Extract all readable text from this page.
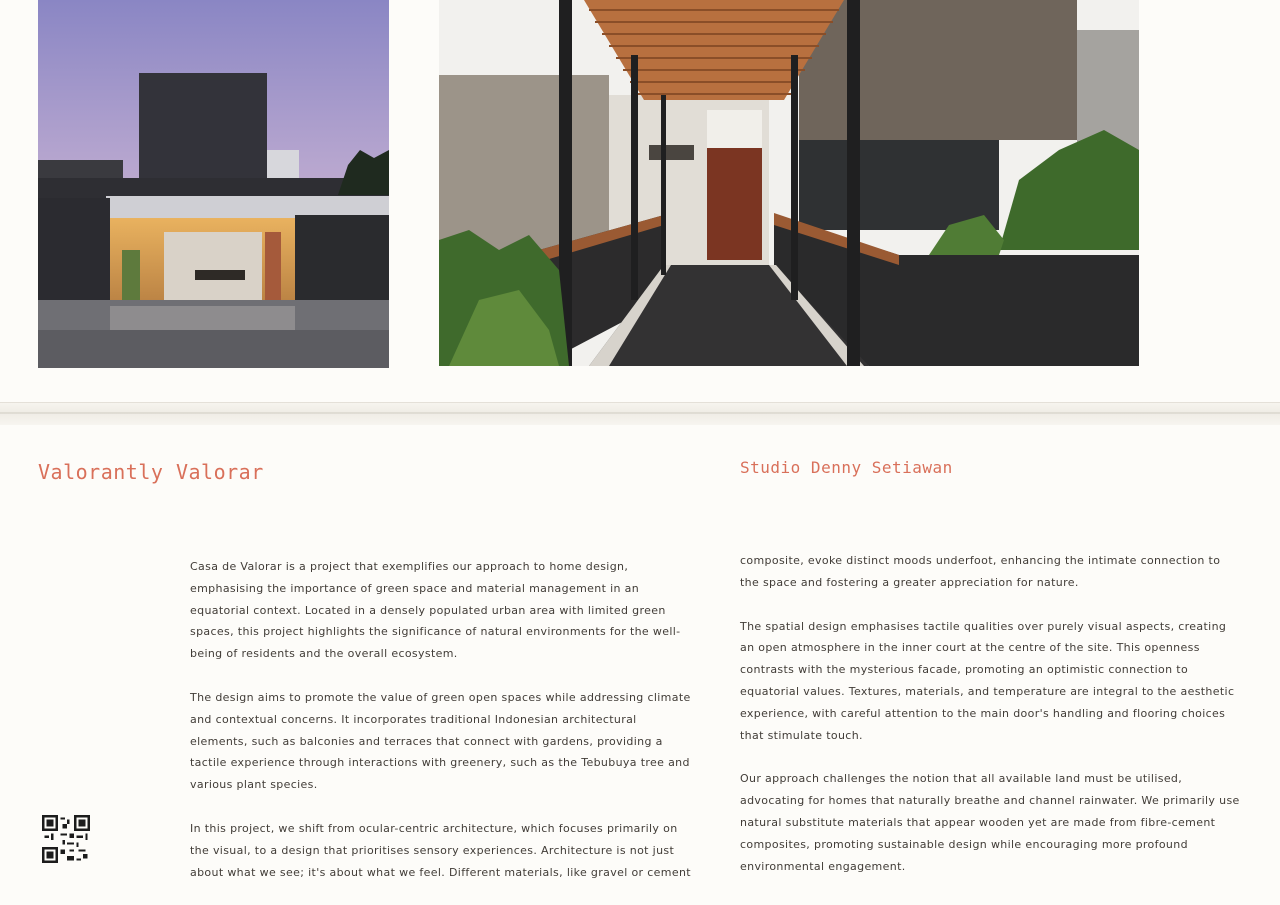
Valorantly Valorar	Studio Denny Setiawan

Casa de Valorar is a project that exemplifies our approach to home design, emphasising the importance of green space and material management in an equatorial context. Located in a densely populated urban area with limited green spaces, this project highlights the significance of natural environments for the well-being of residents and the overall ecosystem.

The design aims to promote the value of green open spaces while addressing climate and contextual concerns. It incorporates traditional Indonesian architectural elements, such as balconies and terraces that connect with gardens, providing a tactile experience through interactions with greenery, such as the Tebubuya tree and various plant species.

In this project, we shift from ocular-centric architecture, which focuses primarily on the visual, to a design that prioritises sensory experiences. Architecture is not just about what we see; it's about what we feel. Different materials, like gravel or cement

composite, evoke distinct moods underfoot, enhancing the intimate connection to the space and fostering a greater appreciation for nature.

The spatial design emphasises tactile qualities over purely visual aspects, creating an open atmosphere in the inner court at the centre of the site. This openness contrasts with the mysterious facade, promoting an optimistic connection to equatorial values. Textures, materials, and temperature are integral to the aesthetic experience, with careful attention to the main door's handling and flooring choices that stimulate touch.

Our approach challenges the notion that all available land must be utilised, advocating for homes that naturally breathe and channel rainwater. We primarily use natural substitute materials that appear wooden yet are made from fibre-cement composites, promoting sustainable design while encouraging more profound environmental engagement.
